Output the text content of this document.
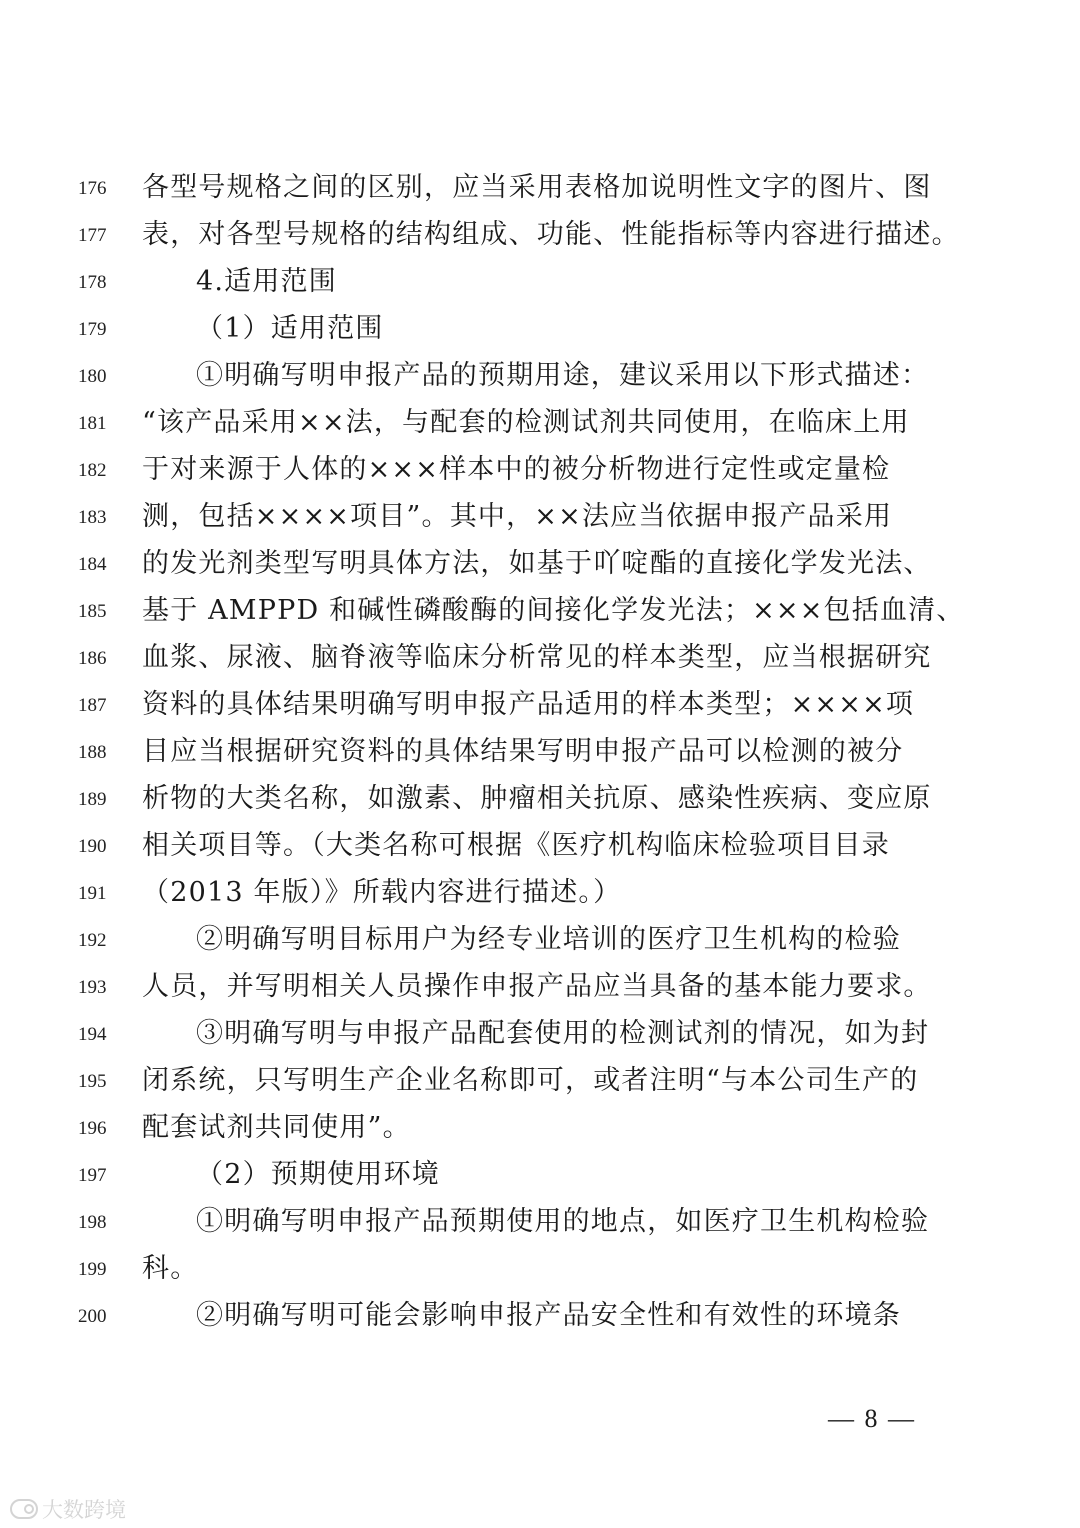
176	各型号规格之间的区别，应当采用表格加说明性文字的图片、图
177	表，对各型号规格的结构组成、功能、性能指标等内容进行描述。
178	4.适用范围
179	（1）适用范围
180	①明确写明申报产品的预期用途，建议采用以下形式描述：
181	“该产品采用××法，与配套的检测试剂共同使用，在临床上用
182	于对来源于人体的×××样本中的被分析物进行定性或定量检
183	测，包括××××项目”。其中，××法应当依据申报产品采用
184	的发光剂类型写明具体方法，如基于吖啶酯的直接化学发光法、
185	基于 AMPPD 和碱性磷酸酶的间接化学发光法；×××包括血清、
186	血浆、尿液、脑脊液等临床分析常见的样本类型，应当根据研究
187	资料的具体结果明确写明申报产品适用的样本类型；××××项
188	目应当根据研究资料的具体结果写明申报产品可以检测的被分
189	析物的大类名称，如激素、肿瘤相关抗原、感染性疾病、变应原
190	相关项目等。（大类名称可根据《医疗机构临床检验项目目录
191	（2013 年版）》所载内容进行描述。）
192	②明确写明目标用户为经专业培训的医疗卫生机构的检验
193	人员，并写明相关人员操作申报产品应当具备的基本能力要求。
194	③明确写明与申报产品配套使用的检测试剂的情况，如为封
195	闭系统，只写明生产企业名称即可，或者注明“与本公司生产的
196	配套试剂共同使用”。
197	（2）预期使用环境
198	①明确写明申报产品预期使用的地点，如医疗卫生机构检验
199	科。
200	②明确写明可能会影响申报产品安全性和有效性的环境条
— 8 —
大数跨境
